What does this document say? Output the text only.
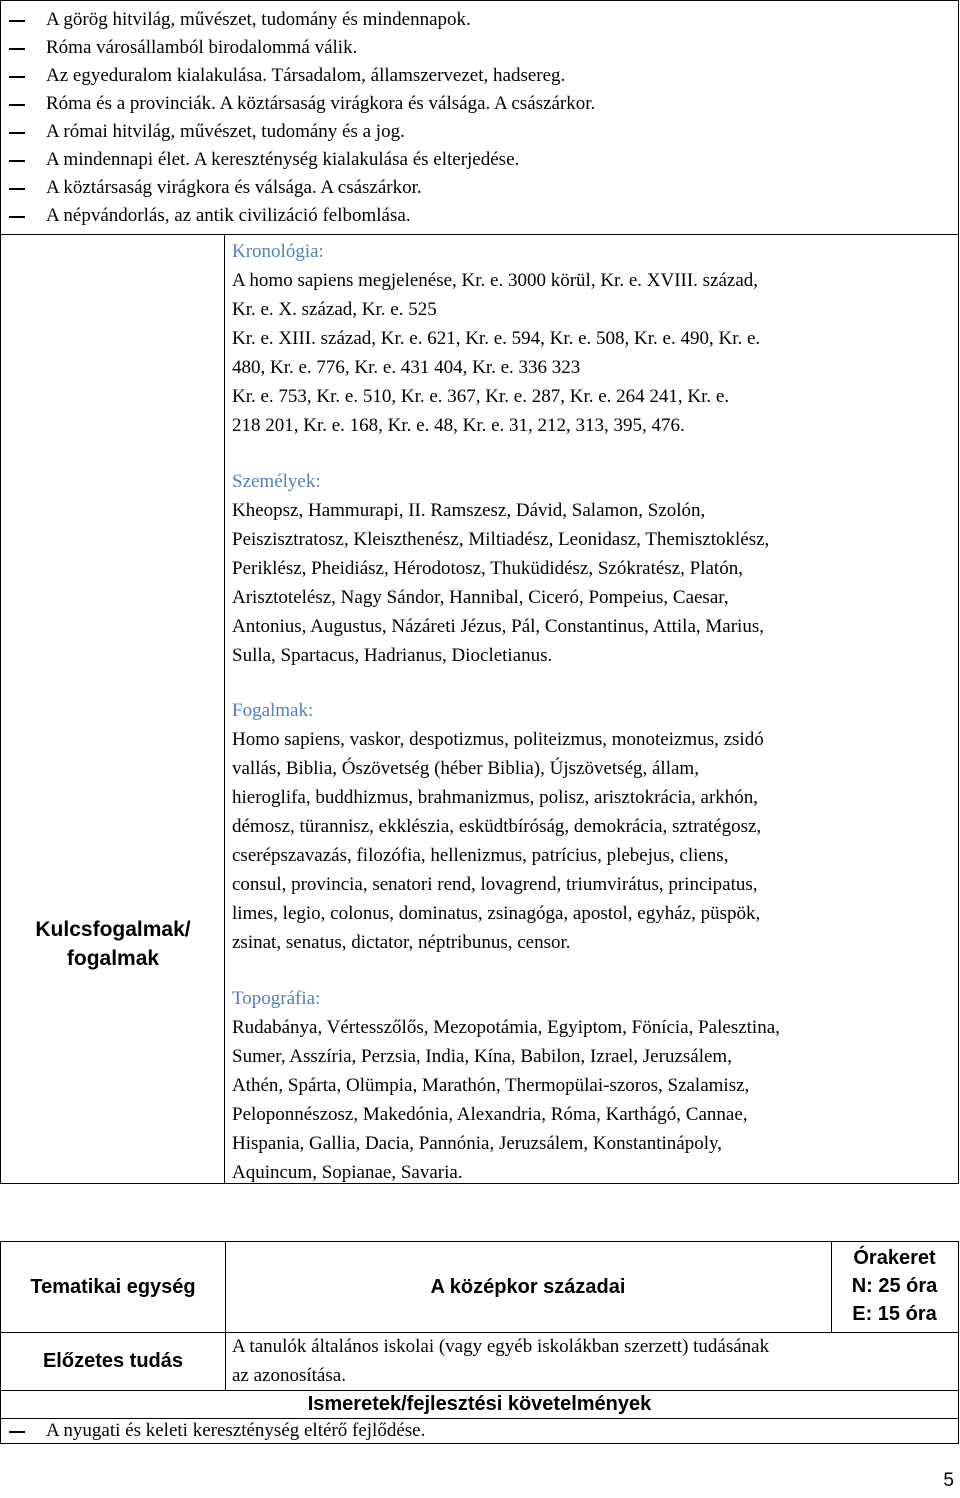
A görög hitvilág, művészet, tudomány és mindennapok.
Róma városállamból birodalommá válik.
Az egyeduralom kialakulása. Társadalom, államszervezet, hadsereg.
Róma és a provinciák. A köztársaság virágkora és válsága. A császárkor.
A római hitvilág, művészet, tudomány és a jog.
A mindennapi élet. A kereszténység kialakulása és elterjedése.
A köztársaság virágkora és válsága. A császárkor.
A népvándorlás, az antik civilizáció felbomlása.
Kulcsfogalmak/
fogalmak
Kronológia:
A homo sapiens megjelenése, Kr. e. 3000 körül, Kr. e. XVIII. század,
Kr. e. X. század, Kr. e. 525
Kr. e. XIII. század, Kr. e. 621, Kr. e. 594, Kr. e. 508, Kr. e. 490, Kr. e.
480, Kr. e. 776, Kr. e. 431 404, Kr. e. 336 323
Kr. e. 753, Kr. e. 510, Kr. e. 367, Kr. e. 287, Kr. e. 264 241, Kr. e.
218 201, Kr. e. 168, Kr. e. 48, Kr. e. 31, 212, 313, 395, 476.
Személyek:
Kheopsz, Hammurapi, II. Ramszesz, Dávid, Salamon, Szolón,
Peiszisztratosz, Kleiszthenész, Miltiadész, Leonidasz, Themisztoklész,
Periklész, Pheidiász, Hérodotosz, Thuküdidész, Szókratész, Platón,
Arisztotelész, Nagy Sándor, Hannibal, Ciceró, Pompeius, Caesar,
Antonius, Augustus, Názáreti Jézus, Pál, Constantinus, Attila, Marius,
Sulla, Spartacus, Hadrianus, Diocletianus.
Fogalmak:
Homo sapiens, vaskor, despotizmus, politeizmus, monoteizmus, zsidó
vallás, Biblia, Ószövetség (héber Biblia), Újszövetség, állam,
hieroglifa, buddhizmus, brahmanizmus, polisz, arisztokrácia, arkhón,
démosz, türannisz, ekklészia, esküdtbíróság, demokrácia, sztratégosz,
cserépszavazás, filozófia, hellenizmus, patrícius, plebejus, cliens,
consul, provincia, senatori rend, lovagrend, triumvirátus, principatus,
limes, legio, colonus, dominatus, zsinagóga, apostol, egyház, püspök,
zsinat, senatus, dictator, néptribunus, censor.
Topográfia:
Rudabánya, Vértesszőlős, Mezopotámia, Egyiptom, Fönícia, Palesztina,
Sumer, Asszíria, Perzsia, India, Kína, Babilon, Izrael, Jeruzsálem,
Athén, Spárta, Olümpia, Marathón, Thermopülai-szoros, Szalamisz,
Peloponnészosz, Makedónia, Alexandria, Róma, Karthágó, Cannae,
Hispania, Gallia, Dacia, Pannónia, Jeruzsálem, Konstantinápoly,
Aquincum, Sopianae, Savaria.
Tematikai egység	A középkor századai
Órakeret
N: 25 óra
E: 15 óra
Előzetes tudás
A tanulók általános iskolai (vagy egyéb iskolákban szerzett) tudásának
az azonosítása.
Ismeretek/fejlesztési követelmények
A nyugati és keleti kereszténység eltérő fejlődése.
5
